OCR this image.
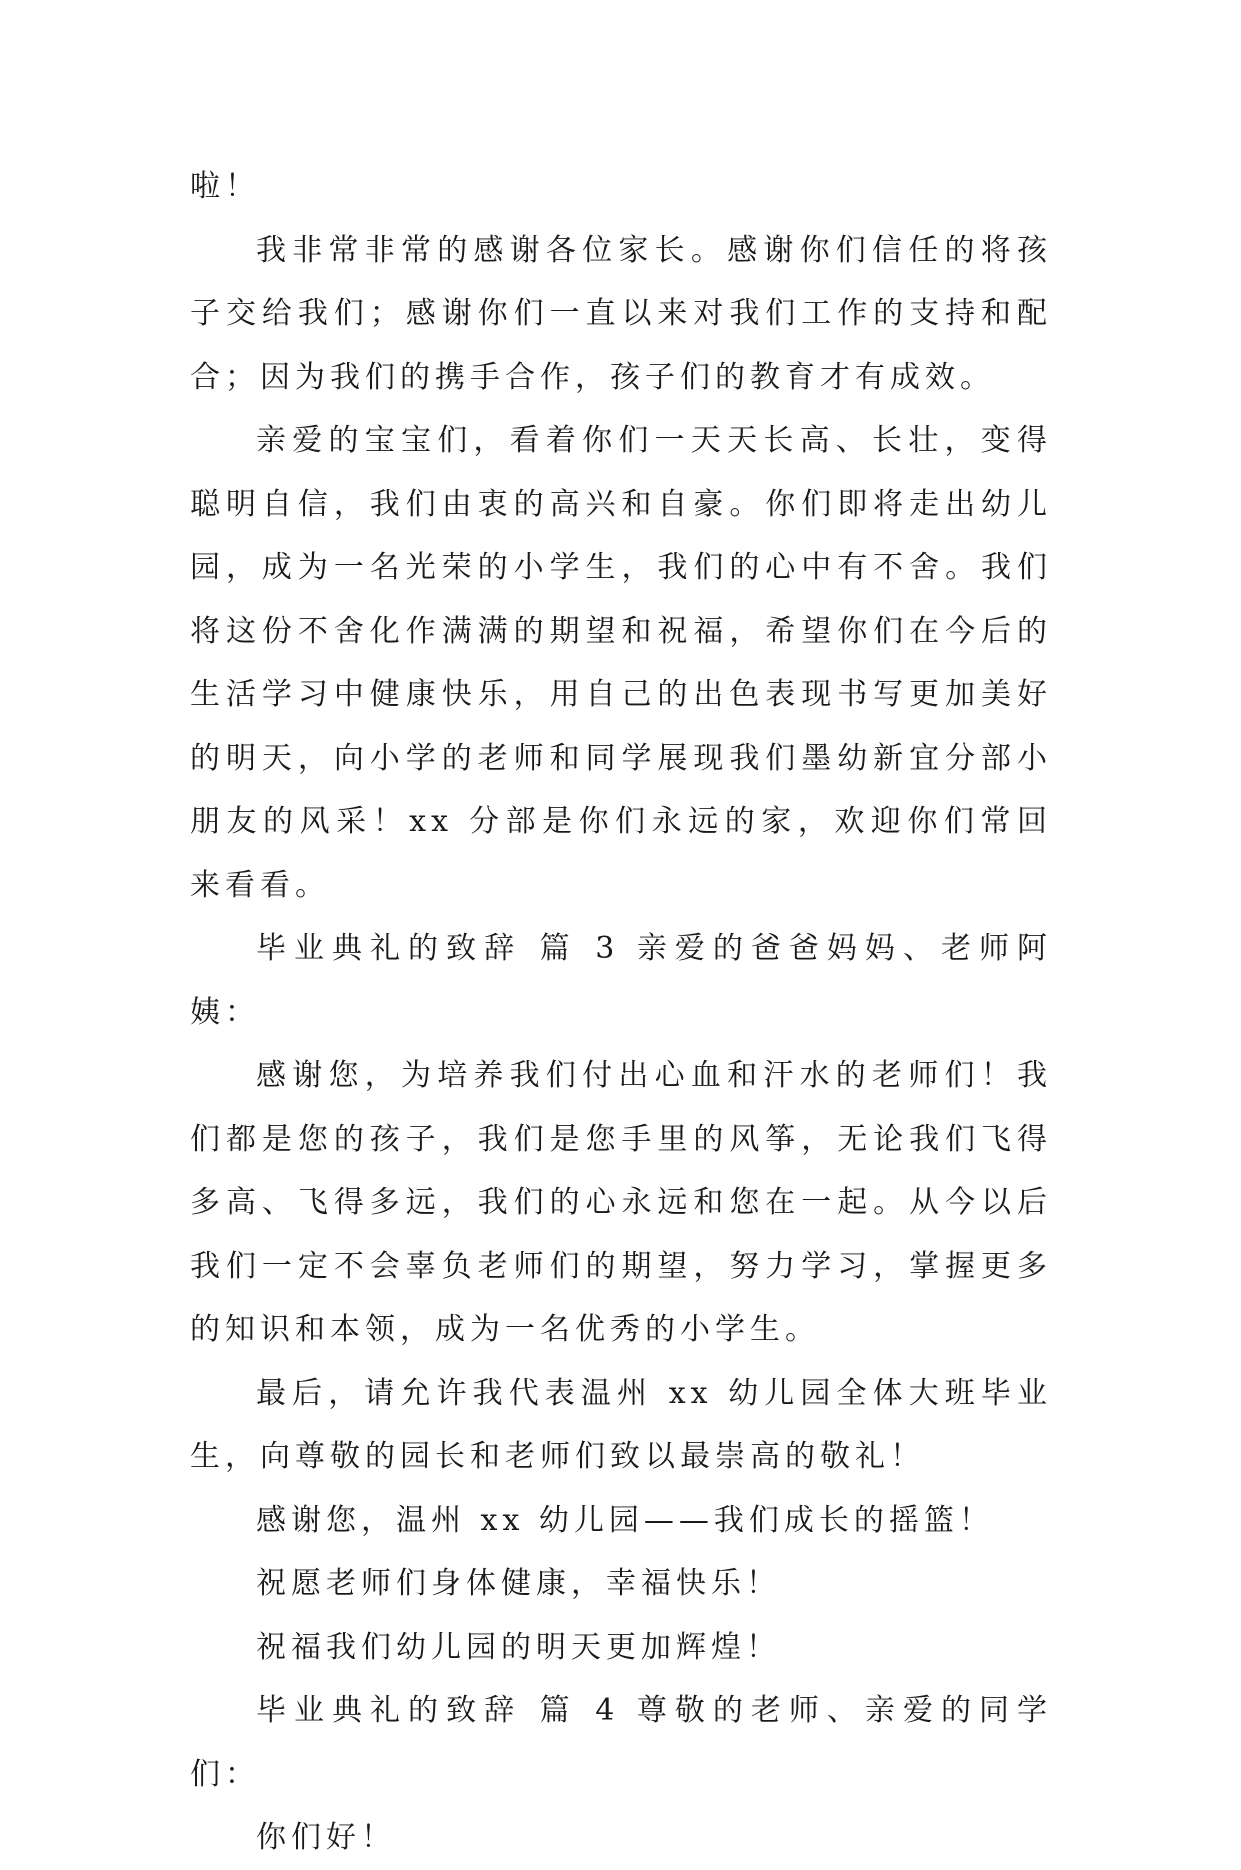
啦！

我非常非常的感谢各位家长。感谢你们信任的将孩子交给我们；感谢你们一直以来对我们工作的支持和配合；因为我们的携手合作，孩子们的教育才有成效。

亲爱的宝宝们，看着你们一天天长高、长壮，变得聪明自信，我们由衷的高兴和自豪。你们即将走出幼儿园，成为一名光荣的小学生，我们的心中有不舍。我们将这份不舍化作满满的期望和祝福，希望你们在今后的生活学习中健康快乐，用自己的出色表现书写更加美好的明天，向小学的老师和同学展现我们墨幼新宜分部小朋友的风采！xx 分部是你们永远的家，欢迎你们常回来看看。

毕业典礼的致辞 篇 3 亲爱的爸爸妈妈、老师阿姨：

感谢您，为培养我们付出心血和汗水的老师们！我们都是您的孩子，我们是您手里的风筝，无论我们飞得多高、飞得多远，我们的心永远和您在一起。从今以后我们一定不会辜负老师们的期望，努力学习，掌握更多的知识和本领，成为一名优秀的小学生。

最后，请允许我代表温州 xx 幼儿园全体大班毕业生，向尊敬的园长和老师们致以最崇高的敬礼！

感谢您，温州 xx 幼儿园——我们成长的摇篮！

祝愿老师们身体健康，幸福快乐！

祝福我们幼儿园的明天更加辉煌！

毕业典礼的致辞 篇 4 尊敬的老师、亲爱的同学们：

你们好！
